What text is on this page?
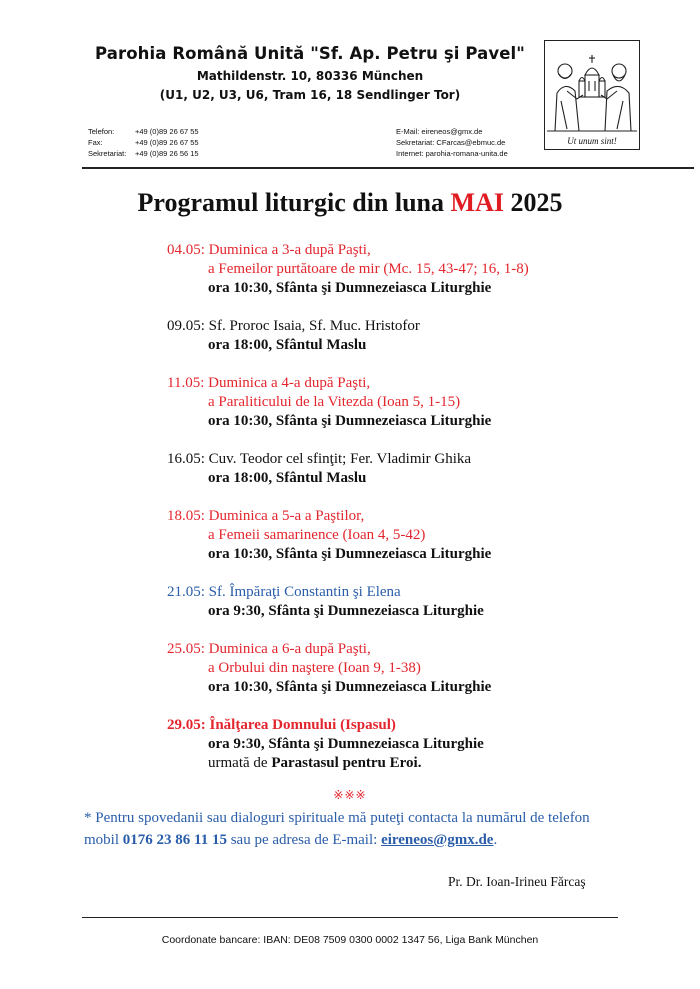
Parohia Română Unită "Sf. Ap. Petru şi Pavel"
Mathildenstr. 10, 80336 München
(U1, U2, U3, U6, Tram 16, 18 Sendlinger Tor)
Telefon:	+49 (0)89 26 67 55
Fax:	+49 (0)89 26 67 55
Sekretariat: +49 (0)89 26 56 15
E-Mail: eireneos@gmx.de
Sekretariat: CFarcas@ebmuc.de
Internet: parohia-romana-unita.de
Ut unum sint!
Programul liturgic din luna MAI 2025
04.05: Duminica a 3-a după Paşti,
a Femeilor purtătoare de mir (Mc. 15, 43-47; 16, 1-8)
ora 10:30, Sfânta şi Dumnezeiasca Liturghie
09.05: Sf. Proroc Isaia, Sf. Muc. Hristofor
ora 18:00, Sfântul Maslu
11.05: Duminica a 4-a după Paşti,
a Paraliticului de la Vitezda (Ioan 5, 1-15)
ora 10:30, Sfânta şi Dumnezeiasca Liturghie
16.05: Cuv. Teodor cel sfinţit; Fer. Vladimir Ghika
ora 18:00, Sfântul Maslu
18.05: Duminica a 5-a a Paştilor,
a Femeii samarinence (Ioan 4, 5-42)
ora 10:30, Sfânta şi Dumnezeiasca Liturghie
21.05: Sf. Împăraţi Constantin şi Elena
ora 9:30, Sfânta şi Dumnezeiasca Liturghie
25.05: Duminica a 6-a după Paşti,
a Orbului din naştere (Ioan 9, 1-38)
ora 10:30, Sfânta şi Dumnezeiasca Liturghie
29.05: Înălţarea Domnului (Ispasul)
ora 9:30, Sfânta şi Dumnezeiasca Liturghie
urmată de Parastasul pentru Eroi.
※※※
* Pentru spovedanii sau dialoguri spirituale mă puteţi contacta la numărul de telefon mobil 0176 23 86 11 15 sau pe adresa de E-mail: eireneos@gmx.de.
Pr. Dr. Ioan-Irineu Fărcaş
Coordonate bancare: IBAN: DE08 7509 0300 0002 1347 56, Liga Bank München
